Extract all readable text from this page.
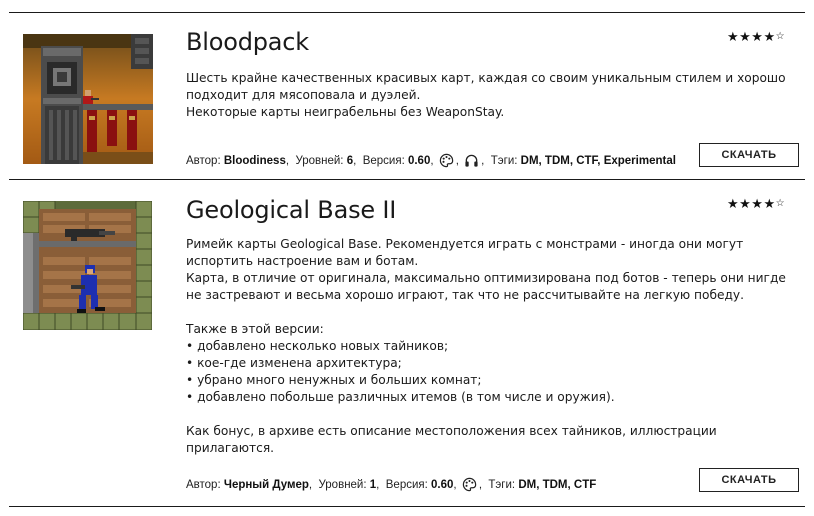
Bloodpack	★★★★☆

Шесть крайне качественных красивых карт, каждая со своим уникальным стилем и хорошо

подходит для мясоповала и дуэлей.

Некоторые карты неиграбельны без WeaponStay.

Автор:
Bloodiness , Уровней:
6 , Версия:
0.60 ,
,
, Тэги:
DM, TDM, CTF, Experimental	СКАЧАТЬ
Geological Base II	★★★★☆

Римейк карты Geological Base. Рекомендуется играть с монстрами - иногда они могут

испортить настроение вам и ботам.

Карта, в отличие от оригинала, максимально оптимизирована под ботов - теперь они нигде

не застревают и весьма хорошо играют, так что не рассчитывайте на легкую победу.

Также в этой версии:

• добавлено несколько новых тайников;

• кое-где изменена архитектура;

• убрано много ненужных и больших комнат;

• добавлено побольше различных итемов (в том числе и оружия).

Как бонус, в архиве есть описание местоположения всех тайников, иллюстрации

прилагаются.

Автор:
Черный Думер , Уровней:
1 , Версия:
0.60 ,
, Тэги:
DM, TDM, CTF	СКАЧАТЬ
